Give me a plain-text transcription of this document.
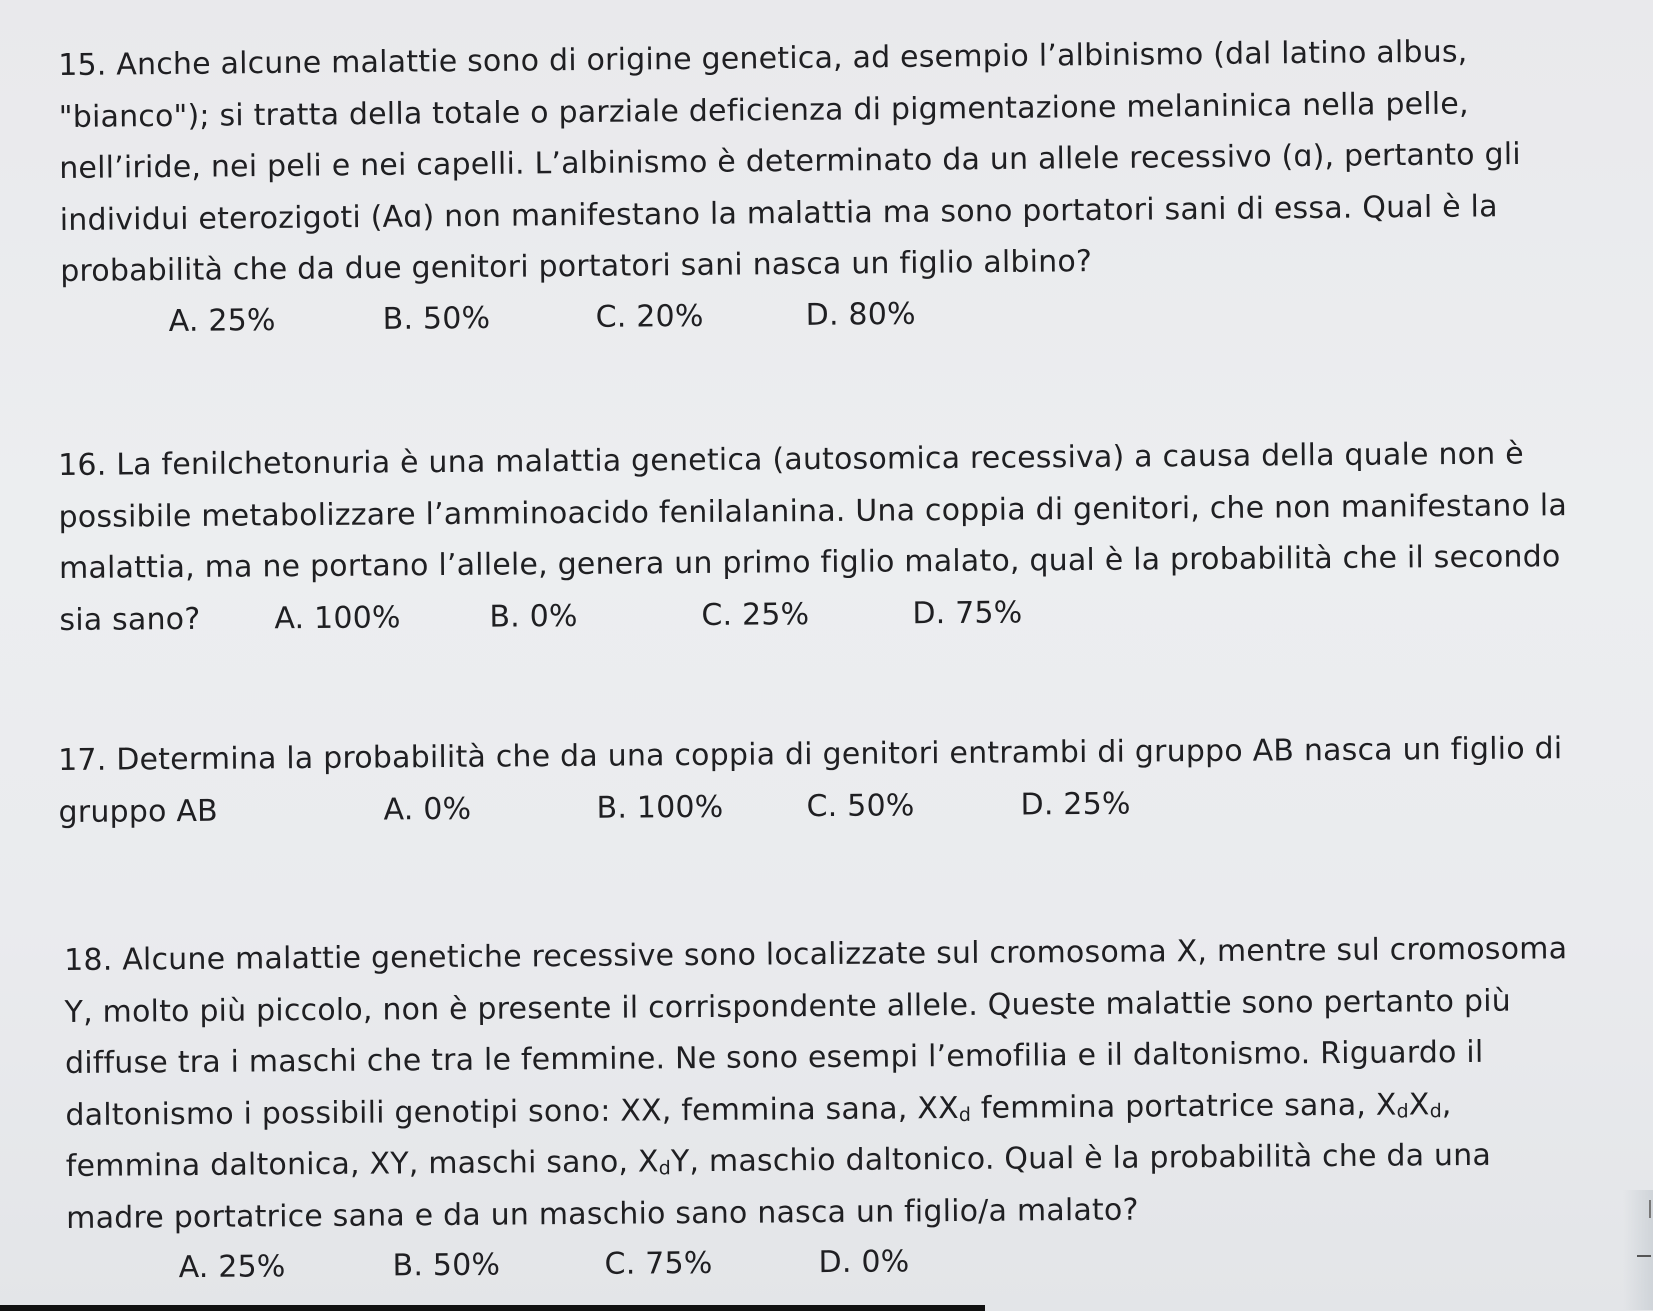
15. Anche alcune malattie sono di origine genetica, ad esempio l’albinismo (dal latino albus,

"bianco"); si tratta della totale o parziale deficienza di pigmentazione melaninica nella pelle,

nell’iride, nei peli e nei capelli. L’albinismo è determinato da un allele recessivo (ɑ), pertanto gli

individui eterozigoti (Aɑ) non manifestano la malattia ma sono portatori sani di essa. Qual è la

probabilità che da due genitori portatori sani nasca un figlio albino?

A. 25%	B. 50%	C. 20%	D. 80%

16. La fenilchetonuria è una malattia genetica (autosomica recessiva) a causa della quale non è

possibile metabolizzare l’amminoacido fenilalanina. Una coppia di genitori, che non manifestano la

malattia, ma ne portano l’allele, genera un primo figlio malato, qual è la probabilità che il secondo

sia sano? A. 100%	B. 0%	C. 25%	D. 75%

17. Determina la probabilità che da una coppia di genitori entrambi di gruppo AB nasca un figlio di

gruppo AB	A. 0%	B. 100%	C. 50%	D. 25%

18. Alcune malattie genetiche recessive sono localizzate sul cromosoma X, mentre sul cromosoma

Y, molto più piccolo, non è presente il corrispondente allele. Queste malattie sono pertanto più

diffuse tra i maschi che tra le femmine. Ne sono esempi l’emofilia e il daltonismo. Riguardo il

daltonismo i possibili genotipi sono: XX, femmina sana, $XX_d$ femmina portatrice sana, $X_dX_d$,

femmina daltonica, XY, maschi sano, $X_dY$, maschio daltonico. Qual è la probabilità che da una

madre portatrice sana e da un maschio sano nasca un figlio/a malato?

A. 25%	B. 50%	C. 75%	D. 0%
